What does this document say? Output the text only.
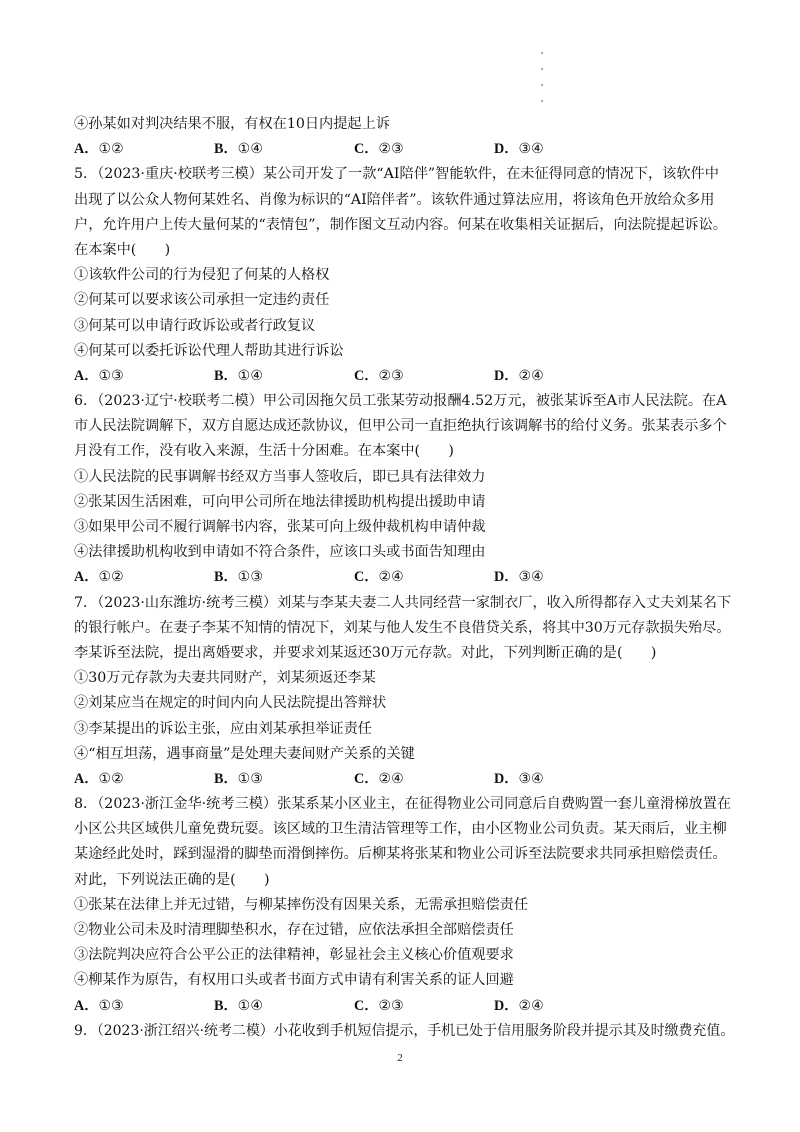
④孙某如对判决结果不服，有权在10日内提起上诉
A．①②	B．①④	C．②③	D．③④
5．（2023·重庆·校联考三模）某公司开发了一款“AI陪伴”智能软件，在未征得同意的情况下，该软件中
出现了以公众人物何某姓名、肖像为标识的“AI陪伴者”。该软件通过算法应用，将该角色开放给众多用
户，允许用户上传大量何某的“表情包”，制作图文互动内容。何某在收集相关证据后，向法院提起诉讼。
在本案中(　　)
①该软件公司的行为侵犯了何某的人格权
②何某可以要求该公司承担一定违约责任
③何某可以申请行政诉讼或者行政复议
④何某可以委托诉讼代理人帮助其进行诉讼
A．①③	B．①④	C．②③	D．②④
6．（2023·辽宁·校联考二模）甲公司因拖欠员工张某劳动报酬4.52万元，被张某诉至A市人民法院。在A
市人民法院调解下，双方自愿达成还款协议，但甲公司一直拒绝执行该调解书的给付义务。张某表示多个
月没有工作，没有收入来源，生活十分困难。在本案中(　　)
①人民法院的民事调解书经双方当事人签收后，即已具有法律效力
②张某因生活困难，可向甲公司所在地法律援助机构提出援助申请
③如果甲公司不履行调解书内容，张某可向上级仲裁机构申请仲裁
④法律援助机构收到申请如不符合条件，应该口头或书面告知理由
A．①②	B．①③	C．②④	D．③④
7．（2023·山东潍坊·统考三模）刘某与李某夫妻二人共同经营一家制衣厂，收入所得都存入丈夫刘某名下
的银行帐户。在妻子李某不知情的情况下，刘某与他人发生不良借贷关系，将其中30万元存款损失殆尽。
李某诉至法院，提出离婚要求，并要求刘某返还30万元存款。对此，下列判断正确的是(　　)
①30万元存款为夫妻共同财产，刘某须返还李某
②刘某应当在规定的时间内向人民法院提出答辩状
③李某提出的诉讼主张，应由刘某承担举证责任
④“相互坦荡，遇事商量”是处理夫妻间财产关系的关键
A．①②	B．①③	C．②④	D．③④
8．（2023·浙江金华·统考三模）张某系某小区业主，在征得物业公司同意后自费购置一套儿童滑梯放置在
小区公共区域供儿童免费玩耍。该区域的卫生清洁管理等工作，由小区物业公司负责。某天雨后，业主柳
某途经此处时，踩到湿滑的脚垫而滑倒摔伤。后柳某将张某和物业公司诉至法院要求共同承担赔偿责任。
对此，下列说法正确的是(　　)
①张某在法律上并无过错，与柳某摔伤没有因果关系，无需承担赔偿责任
②物业公司未及时清理脚垫积水，存在过错，应依法承担全部赔偿责任
③法院判决应符合公平公正的法律精神，彰显社会主义核心价值观要求
④柳某作为原告，有权用口头或者书面方式申请有利害关系的证人回避
A．①③	B．①④	C．②③	D．②④
9．（2023·浙江绍兴·统考二模）小花收到手机短信提示，手机已处于信用服务阶段并提示其及时缴费充值。
2
